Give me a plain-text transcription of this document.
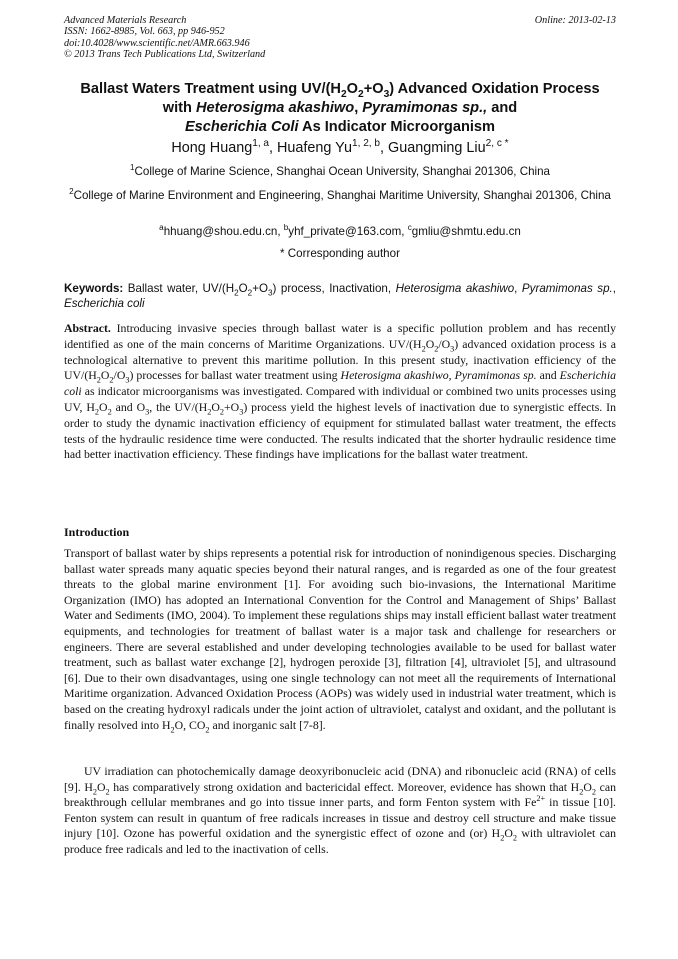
Advanced Materials Research
ISSN: 1662-8985, Vol. 663, pp 946-952
doi:10.4028/www.scientific.net/AMR.663.946
© 2013 Trans Tech Publications Ltd, Switzerland
Online: 2013-02-13
Ballast Waters Treatment using $UV/(H_2O_2+O_3)$ Advanced Oxidation Process with Heterosigma akashiwo, Pyramimonas sp., and
Escherichia Coli As Indicator Microorganism
Hong Huang$^{1, a}$, Huafeng Yu$^{1, 2, b}$, Guangming Liu$^{2, c *}$
$^1$College of Marine Science, Shanghai Ocean University, Shanghai 201306, China
$^2$College of Marine Environment and Engineering, Shanghai Maritime University, Shanghai 201306, China
$^a$hhuang@shou.edu.cn, $^b$yhf_private@163.com, $^c$gmliu@shmtu.edu.cn
* Corresponding author
Keywords: Ballast water, $UV/(H_2O_2+O_3)$ process, Inactivation, Heterosigma akashiwo, Pyramimonas sp., Escherichia coli
Abstract. Introducing invasive species through ballast water is a specific pollution problem and has recently identified as one of the main concerns of Maritime Organizations. $UV/(H_2O_2/O_3)$ advanced oxidation process is a technological alternative to prevent this maritime pollution. In this present study, inactivation efficiency of the $UV/(H_2O_2/O_3)$ processes for ballast water treatment using Heterosigma akashiwo, Pyramimonas sp. and Escherichia coli as indicator microorganisms was investigated. Compared with individual or combined two units processes using UV, $H_2O_2$ and $O_3$, the $UV/(H_2O_2+O_3)$ process yield the highest levels of inactivation due to synergistic effects. In order to study the dynamic inactivation efficiency of equipment for stimulated ballast water treatment, the effects tests of the hydraulic residence time were conducted. The results indicated that the shorter hydraulic residence time had better inactivation efficiency. These findings have implications for the ballast water treatment.
Introduction
Transport of ballast water by ships represents a potential risk for introduction of nonindigenous species. Discharging ballast water spreads many aquatic species beyond their natural ranges, and is regarded as one of the four greatest threats to the global marine environment [1]. For avoiding such bio-invasions, the International Maritime Organization (IMO) has adopted an International Convention for the Control and Management of Ships’ Ballast Water and Sediments (IMO, 2004). To implement these regulations ships may install efficient ballast water treatment equipments, and technologies for treatment of ballast water is a major task and challenge for researchers or engineers. There are several established and under developing technologies available to be used for ballast water treatment, such as ballast water exchange [2], hydrogen peroxide [3], filtration [4], ultraviolet [5], and ultrasound [6]. Due to their own disadvantages, using one single technology can not meet all the requirements of International Maritime organization. Advanced Oxidation Process (AOPs) was widely used in industrial water treatment, which is based on the creating hydroxyl radicals under the joint action of ultraviolet, catalyst and oxidant, and the pollutant is finally resolved into $H_2O$, $CO_2$ and inorganic salt [7-8].
UV irradiation can photochemically damage deoxyribonucleic acid (DNA) and ribonucleic acid (RNA) of cells [9]. $H_2O_2$ has comparatively strong oxidation and bactericidal effect. Moreover, evidence has shown that $H_2O_2$ can breakthrough cellular membranes and go into tissue inner parts, and form Fenton system with $Fe^{2+}$ in tissue [10]. Fenton system can result in quantum of free radicals increases in tissue and destroy cell structure and make tissue injury [10]. Ozone has powerful oxidation and the synergistic effect of ozone and (or) $H_2O_2$ with ultraviolet can produce free radicals and led to the inactivation of cells.
